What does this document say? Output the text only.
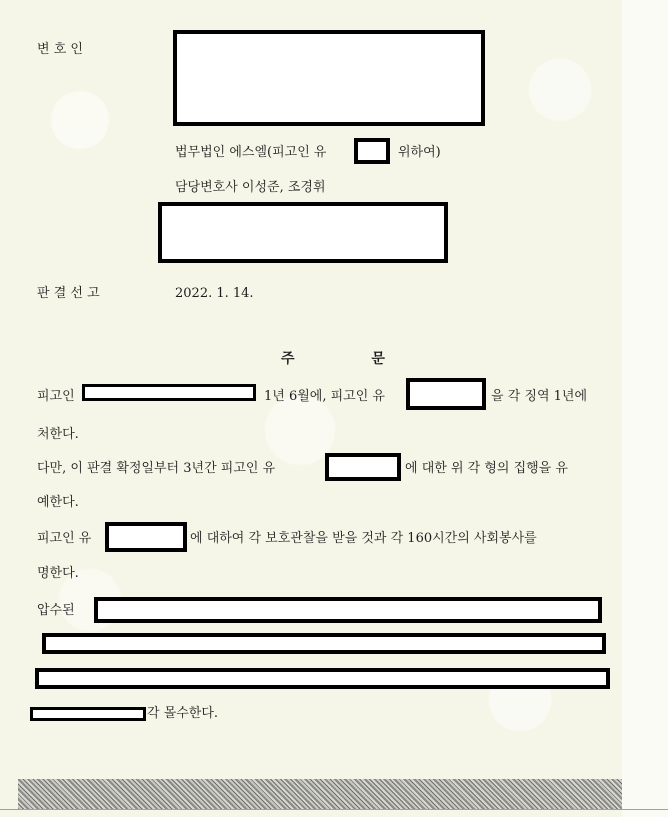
변 호 인
법무법인 에스엘(피고인 유	위하여)
담당변호사 이성준, 조경휘
판 결 선 고	2022. 1. 14.
주 문
피고인	1년 6월에, 피고인 유	을 각 징역 1년에
처한다.
다만, 이 판결 확정일부터 3년간 피고인 유	에 대한 위 각 형의 집행을 유
예한다.
피고인 유	에 대하여 각 보호관찰을 받을 것과 각 160시간의 사회봉사를
명한다.
압수된
각 몰수한다.
